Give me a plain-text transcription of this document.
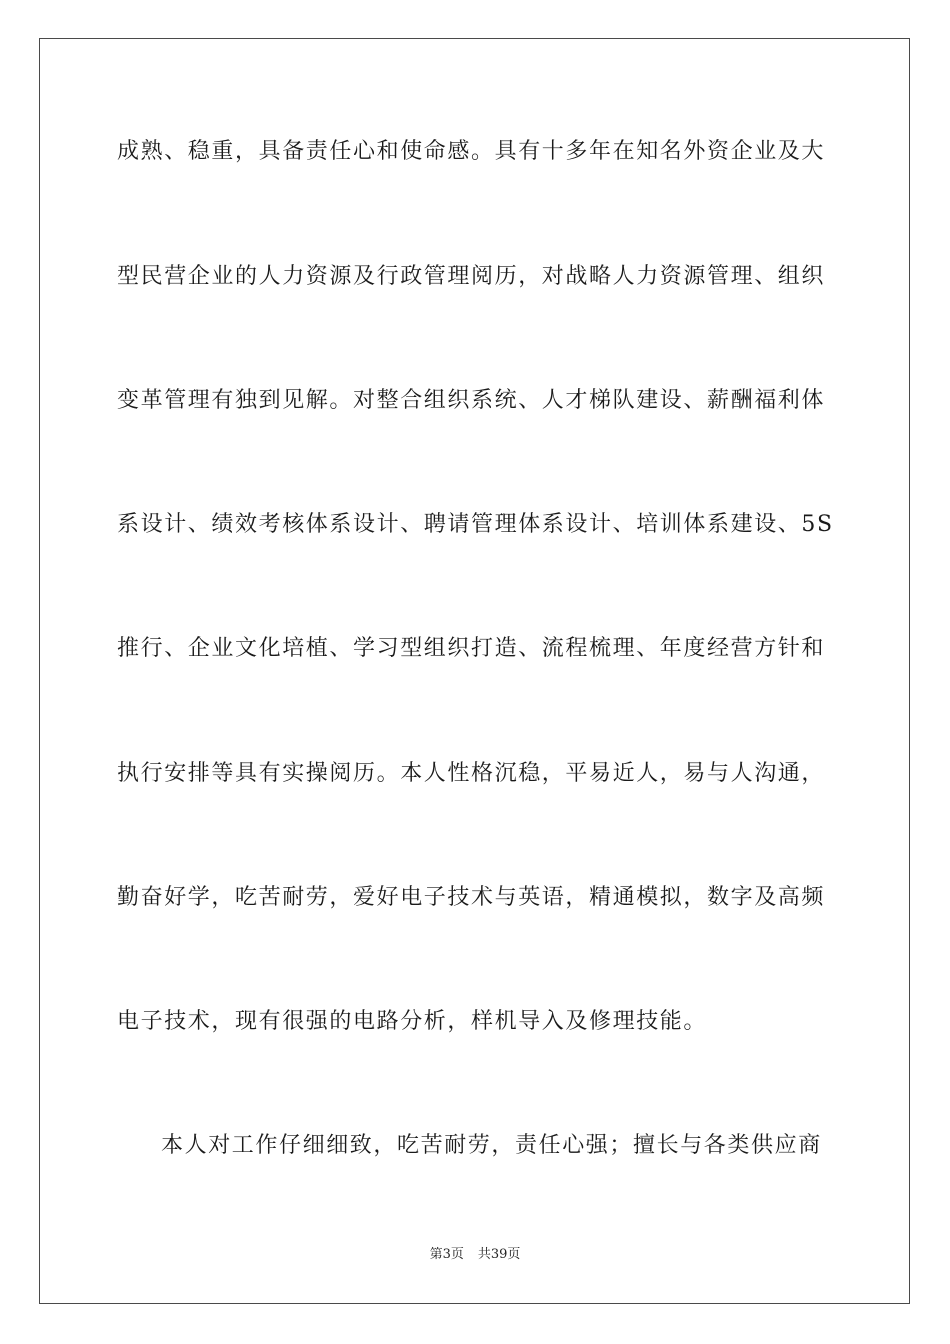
成熟、稳重，具备责任心和使命感。具有十多年在知名外资企业及大
型民营企业的人力资源及行政管理阅历，对战略人力资源管理、组织
变革管理有独到见解。对整合组织系统、人才梯队建设、薪酬福利体
系设计、绩效考核体系设计、聘请管理体系设计、培训体系建设、5S
推行、企业文化培植、学习型组织打造、流程梳理、年度经营方针和
执行安排等具有实操阅历。本人性格沉稳，平易近人，易与人沟通，
勤奋好学，吃苦耐劳，爱好电子技术与英语，精通模拟，数字及高频
电子技术，现有很强的电路分析，样机导入及修理技能。
本人对工作仔细细致，吃苦耐劳，责任心强；擅长与各类供应商
第3页 共39页
